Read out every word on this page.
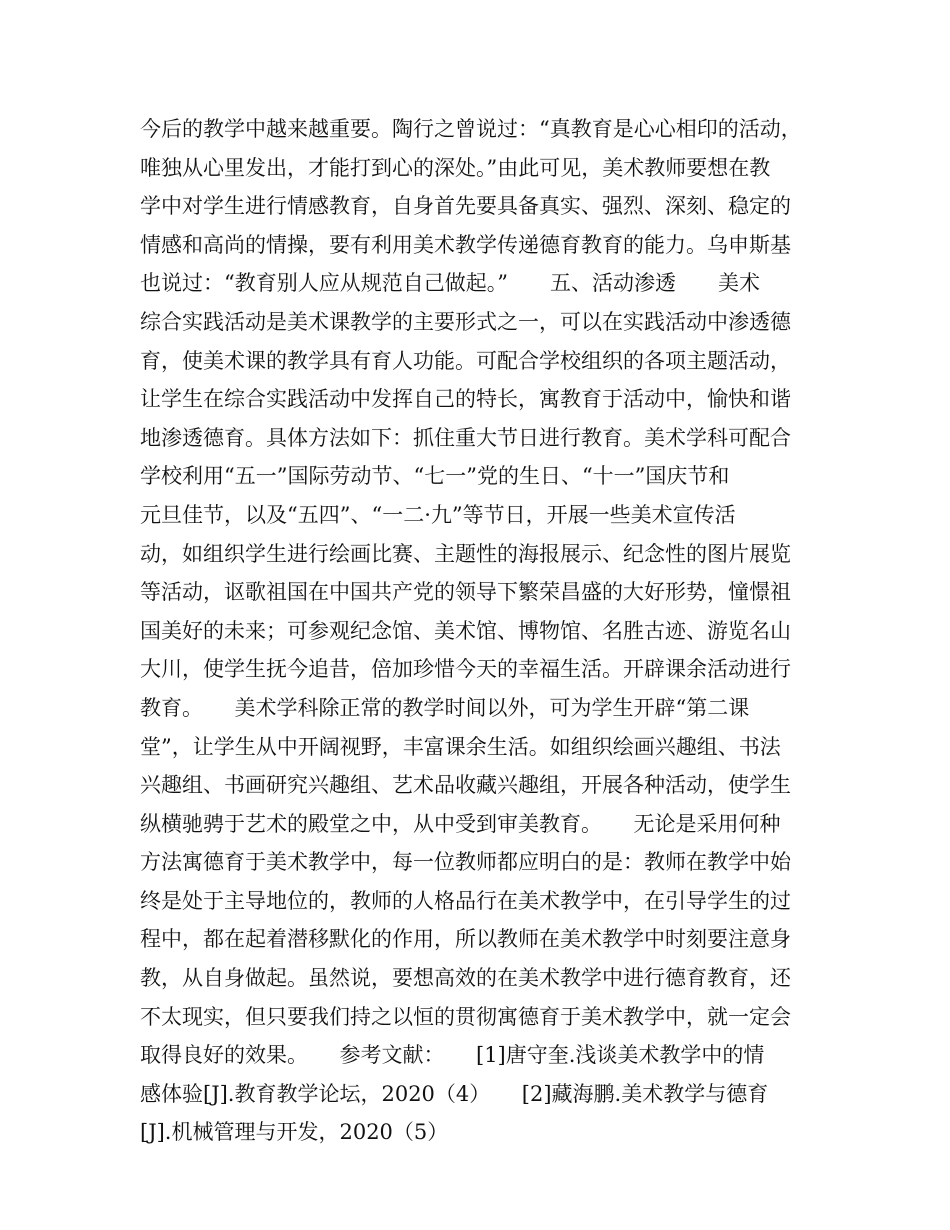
今后的教学中越来越重要。陶行之曾说过：“真教育是心心相印的活动，
唯独从心里发出，才能打到心的深处。”由此可见，美术教师要想在教
学中对学生进行情感教育，自身首先要具备真实、强烈、深刻、稳定的
情感和高尚的情操，要有利用美术教学传递德育教育的能力。乌申斯基
也说过：“教育别人应从规范自己做起。”　　五、活动渗透　　美术
综合实践活动是美术课教学的主要形式之一，可以在实践活动中渗透德
育，使美术课的教学具有育人功能。可配合学校组织的各项主题活动，
让学生在综合实践活动中发挥自己的特长，寓教育于活动中，愉快和谐
地渗透德育。具体方法如下：抓住重大节日进行教育。美术学科可配合
学校利用“五一”国际劳动节、“七一”党的生日、“十一”国庆节和
元旦佳节，以及“五四”、“一二·九”等节日，开展一些美术宣传活
动，如组织学生进行绘画比赛、主题性的海报展示、纪念性的图片展览
等活动，讴歌祖国在中国共产党的领导下繁荣昌盛的大好形势，憧憬祖
国美好的未来；可参观纪念馆、美术馆、博物馆、名胜古迹、游览名山
大川，使学生抚今追昔，倍加珍惜今天的幸福生活。开辟课余活动进行
教育。　　美术学科除正常的教学时间以外，可为学生开辟“第二课
堂”，让学生从中开阔视野，丰富课余生活。如组织绘画兴趣组、书法
兴趣组、书画研究兴趣组、艺术品收藏兴趣组，开展各种活动，使学生
纵横驰骋于艺术的殿堂之中，从中受到审美教育。　　无论是采用何种
方法寓德育于美术教学中，每一位教师都应明白的是：教师在教学中始
终是处于主导地位的，教师的人格品行在美术教学中，在引导学生的过
程中，都在起着潜移默化的作用，所以教师在美术教学中时刻要注意身
教，从自身做起。虽然说，要想高效的在美术教学中进行德育教育，还
不太现实，但只要我们持之以恒的贯彻寓德育于美术教学中，就一定会
取得良好的效果。　　参考文献：　　[1]唐守奎.浅谈美术教学中的情
感体验[J].教育教学论坛，2020（4）　　[2]藏海鹏.美术教学与德育
[J].机械管理与开发，2020（5）
